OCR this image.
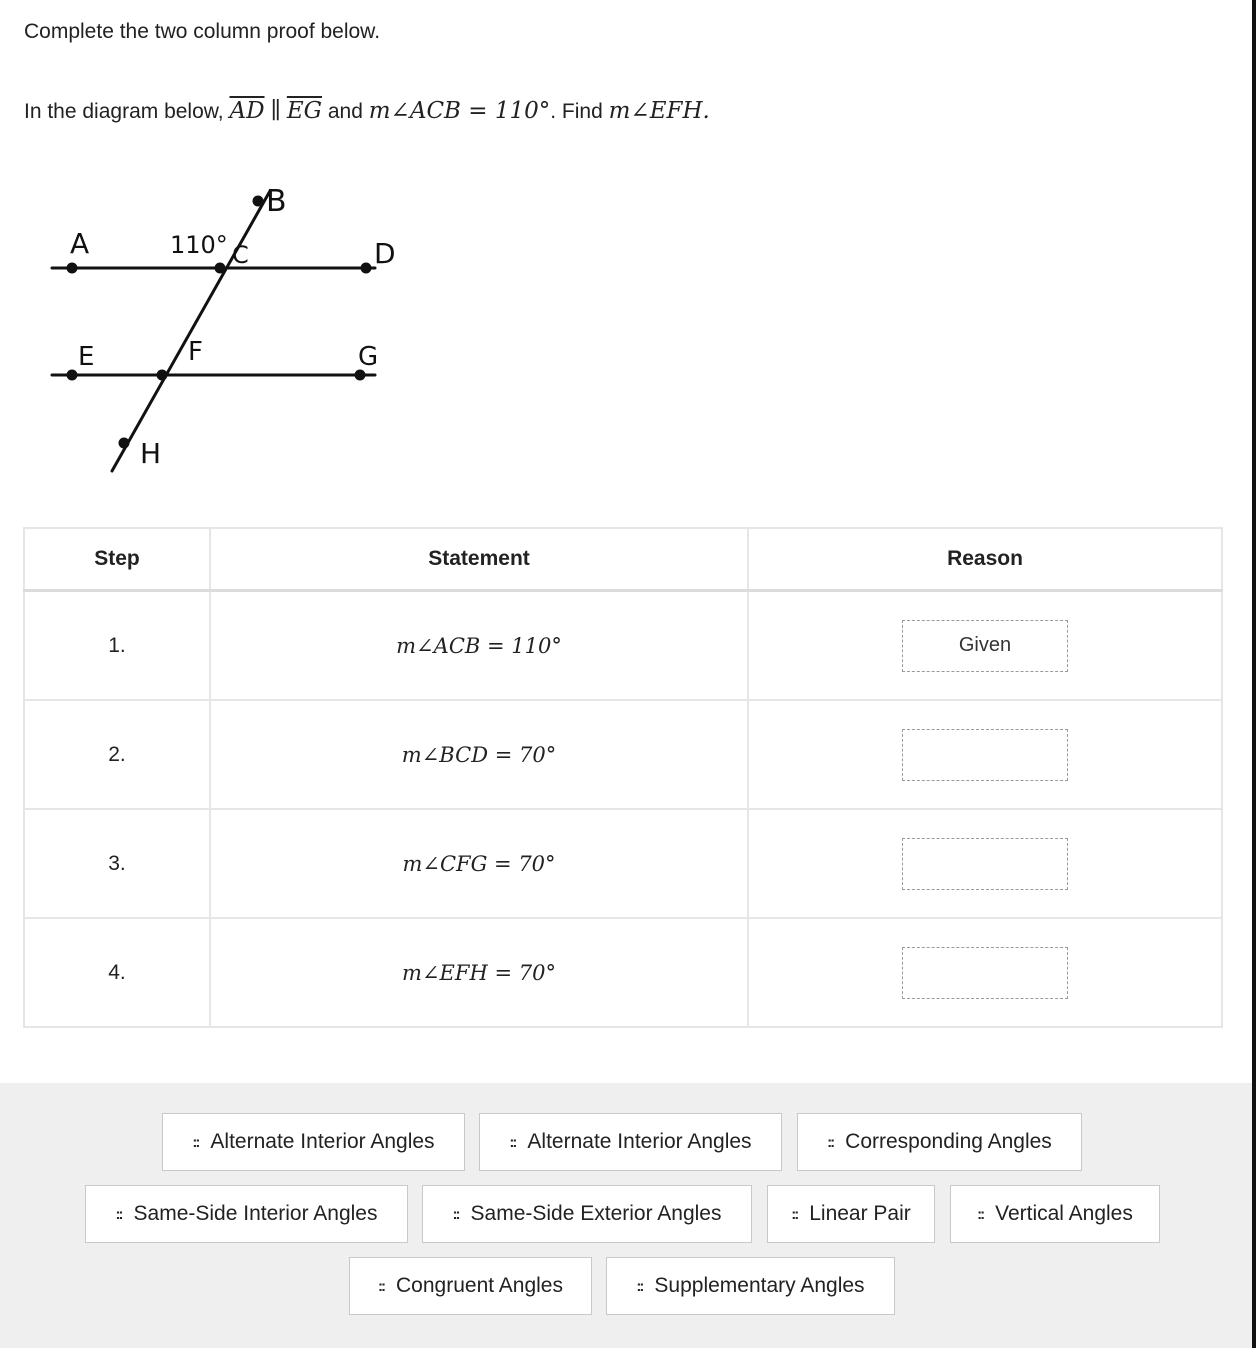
Complete the two column proof below.
In the diagram below, $\overline{AD}$ ∥ $\overline{EG}$ and m∠ACB = 110°. Find m∠EFH.
B
A	C	D
E	F	G
H
110°
Step	Statement	Reason
1.	m∠ACB = 110°	Given

2.	m∠BCD = 70°	

3.	m∠CFG = 70°	

4.	m∠EFH = 70°	
:: Alternate Interior Angles	:: Alternate Interior Angles	:: Corresponding Angles
:: Same-Side Interior Angles	:: Same-Side Exterior Angles	:: Linear Pair	:: Vertical Angles
:: Congruent Angles	:: Supplementary Angles
